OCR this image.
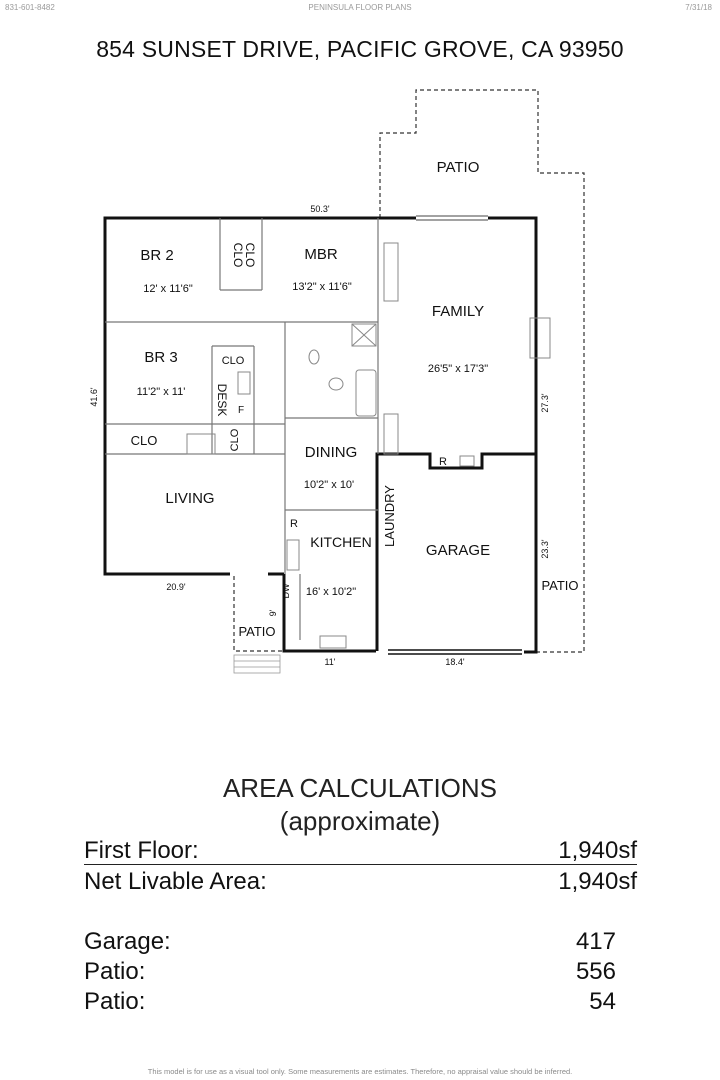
831-601-8482	PENINSULA FLOOR PLANS	7/31/18
854 SUNSET DRIVE, PACIFIC GROVE, CA 93950
PATIO
BR 2
12' x 11'6"
CLO
CLO	MBR
13'2" x 11'6"
FAMILY
26'5" x 17'3"
BR 3
11'2" x 11'
CLO
DESK F
CLO
CLO
DINING
10'2" x 10'
LIVING
R
KITCHEN
16' x 10'2"
DW
LAUNDRY
R
GARAGE
PATIO
PATIO
50.3'
41.6'	27.3'
23.3'
20.9'
9'
11'	18.4'
AREA CALCULATIONS
(approximate)
First Floor:	1,940sf
Net Livable Area:	1,940sf
Garage:	417
Patio:	556
Patio:	54
This model is for use as a visual tool only. Some measurements are estimates. Therefore, no appraisal value should be inferred.
